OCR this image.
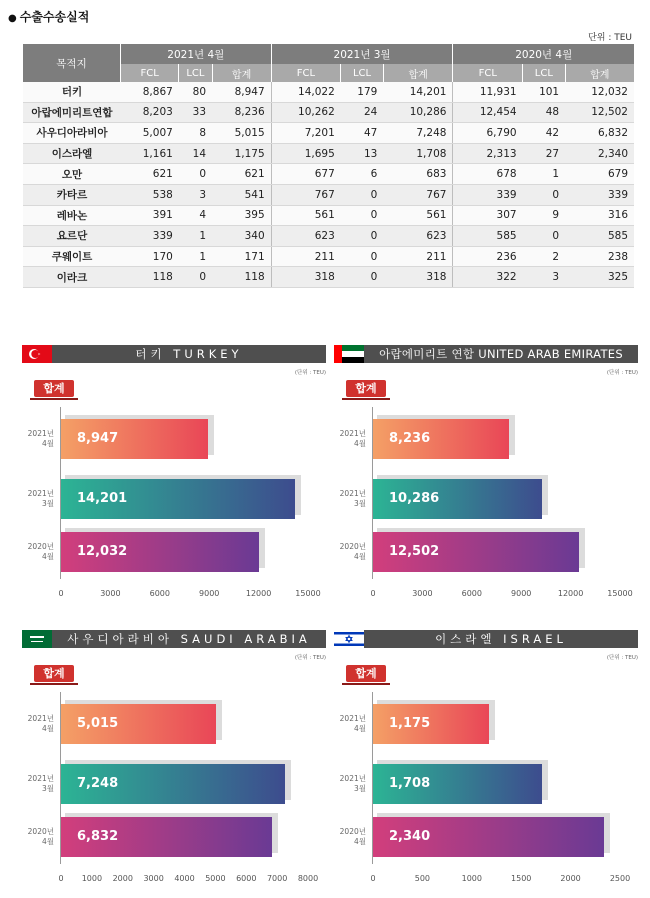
● 수출수송실적
단위 : TEU
목적지	2021년 4월			2021년 3월			2020년 4월		
	FCL	LCL	합계	FCL	LCL	합계	FCL	LCL	합계
터키	8,867	80	8,947	14,022	179	14,201	11,931	101	12,032
아랍에미리트연합	8,203	33	8,236	10,262	24	10,286	12,454	48	12,502
사우디아라비아	5,007	8	5,015	7,201	47	7,248	6,790	42	6,832
이스라엘	1,161	14	1,175	1,695	13	1,708	2,313	27	2,340
오만	621	0	621	677	6	683	678	1	679
카타르	538	3	541	767	0	767	339	0	339
레바논	391	4	395	561	0	561	307	9	316
요르단	339	1	340	623	0	623	585	0	585
쿠웨이트	170	1	171	211	0	211	236	2	238
이라크	118	0	118	318	0	318	322	3	325
터키 TURKEY
(단위 : TEU)
합계
2021년
4월	8,947
2021년
3월	14,201
2020년
4월	12,032
0	3000	6000	9000	12000	15000
아랍에미리트 연합 UNITED ARAB EMIRATES
(단위 : TEU)
합계
2021년
4월	8,236
2021년
3월	10,286
2020년
4월	12,502
0	3000	6000	9000	12000	15000
사우디아라비아 SAUDI ARABIA
(단위 : TEU)
합계
2021년
4월	5,015
2021년
3월	7,248
2020년
4월	6,832
0 1000 2000 3000 4000 5000 6000 7000 8000
이스라엘 ISRAEL
(단위 : TEU)
합계
2021년
4월	1,175
2021년
3월	1,708
2020년
4월	2,340
0	500	1000	1500	2000	2500
